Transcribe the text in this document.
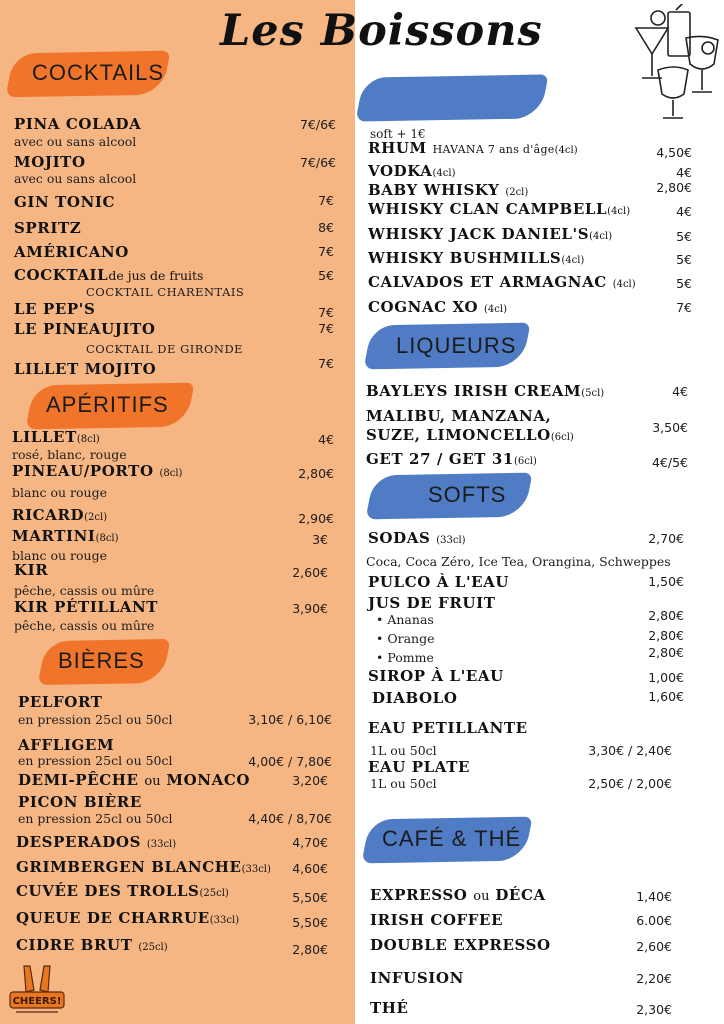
Les Boissons
COCKTAILS
PINA COLADA	7€/6€
avec ou sans alcool
MOJITO	7€/6€
avec ou sans alcool
GIN TONIC	7€
SPRITZ	8€
AMÉRICANO	7€
COCKTAILde jus de fruits	5€
COCKTAIL CHARENTAIS
LE PEP'S	7€
LE PINEAUJITO	7€
COCKTAIL DE GIRONDE
LILLET MOJITO	7€
APÉRITIFS
LILLET(8cl)	4€
rosé, blanc, rouge
PINEAU/PORTO (8cl)	2,80€
blanc ou rouge
RICARD(2cl)	2,90€
MARTINI(8cl)	3€
blanc ou rouge
KIR	2,60€
pêche, cassis ou mûre
KIR PÉTILLANT	3,90€
pêche, cassis ou mûre
BIÈRES
PELFORT
en pression 25cl ou 50cl	3,10€ / 6,10€
AFFLIGEM
en pression 25cl ou 50cl	4,00€ / 7,80€
DEMI-PÊCHE ou MONACO	3,20€
PICON BIÈRE
en pression 25cl ou 50cl	4,40€ / 8,70€
DESPERADOS (33cl)	4,70€
GRIMBERGEN BLANCHE(33cl) 4,60€
CUVÉE DES TROLLS(25cl)	5,50€
QUEUE DE CHARRUE(33cl)	5,50€
CIDRE BRUT (25cl)	2,80€
CHEERS!
soft + 1€
RHUM HAVANA 7 ans d'âge(4cl)	4,50€
VODKA(4cl)	4€
BABY WHISKY (2cl)	2,80€
WHISKY CLAN CAMPBELL(4cl)	4€
WHISKY JACK DANIEL'S(4cl)	5€
WHISKY BUSHMILLS(4cl)	5€
CALVADOS ET ARMAGNAC (4cl)	5€
COGNAC XO (4cl)	7€
LIQUEURS
BAYLEYS IRISH CREAM(5cl)	4€
MALIBU, MANZANA,
SUZE, LIMONCELLO(6cl)
3,50€
GET 27 / GET 31(6cl)	4€/5€
SOFTS
SODAS (33cl)	2,70€
Coca, Coca Zéro, Ice Tea, Orangina, Schweppes
PULCO À L'EAU	1,50€
JUS DE FRUIT
• Ananas	2,80€
• Orange	2,80€
• Pomme	2,80€
SIROP À L'EAU	1,00€
DIABOLO	1,60€
EAU PETILLANTE
1L ou 50cl	3,30€ / 2,40€
EAU PLATE
1L ou 50cl	2,50€ / 2,00€
CAFÉ & THÉ
EXPRESSO ou DÉCA	1,40€
IRISH COFFEE	6.00€
DOUBLE EXPRESSO	2,60€
INFUSION	2,20€
THÉ	2,30€
